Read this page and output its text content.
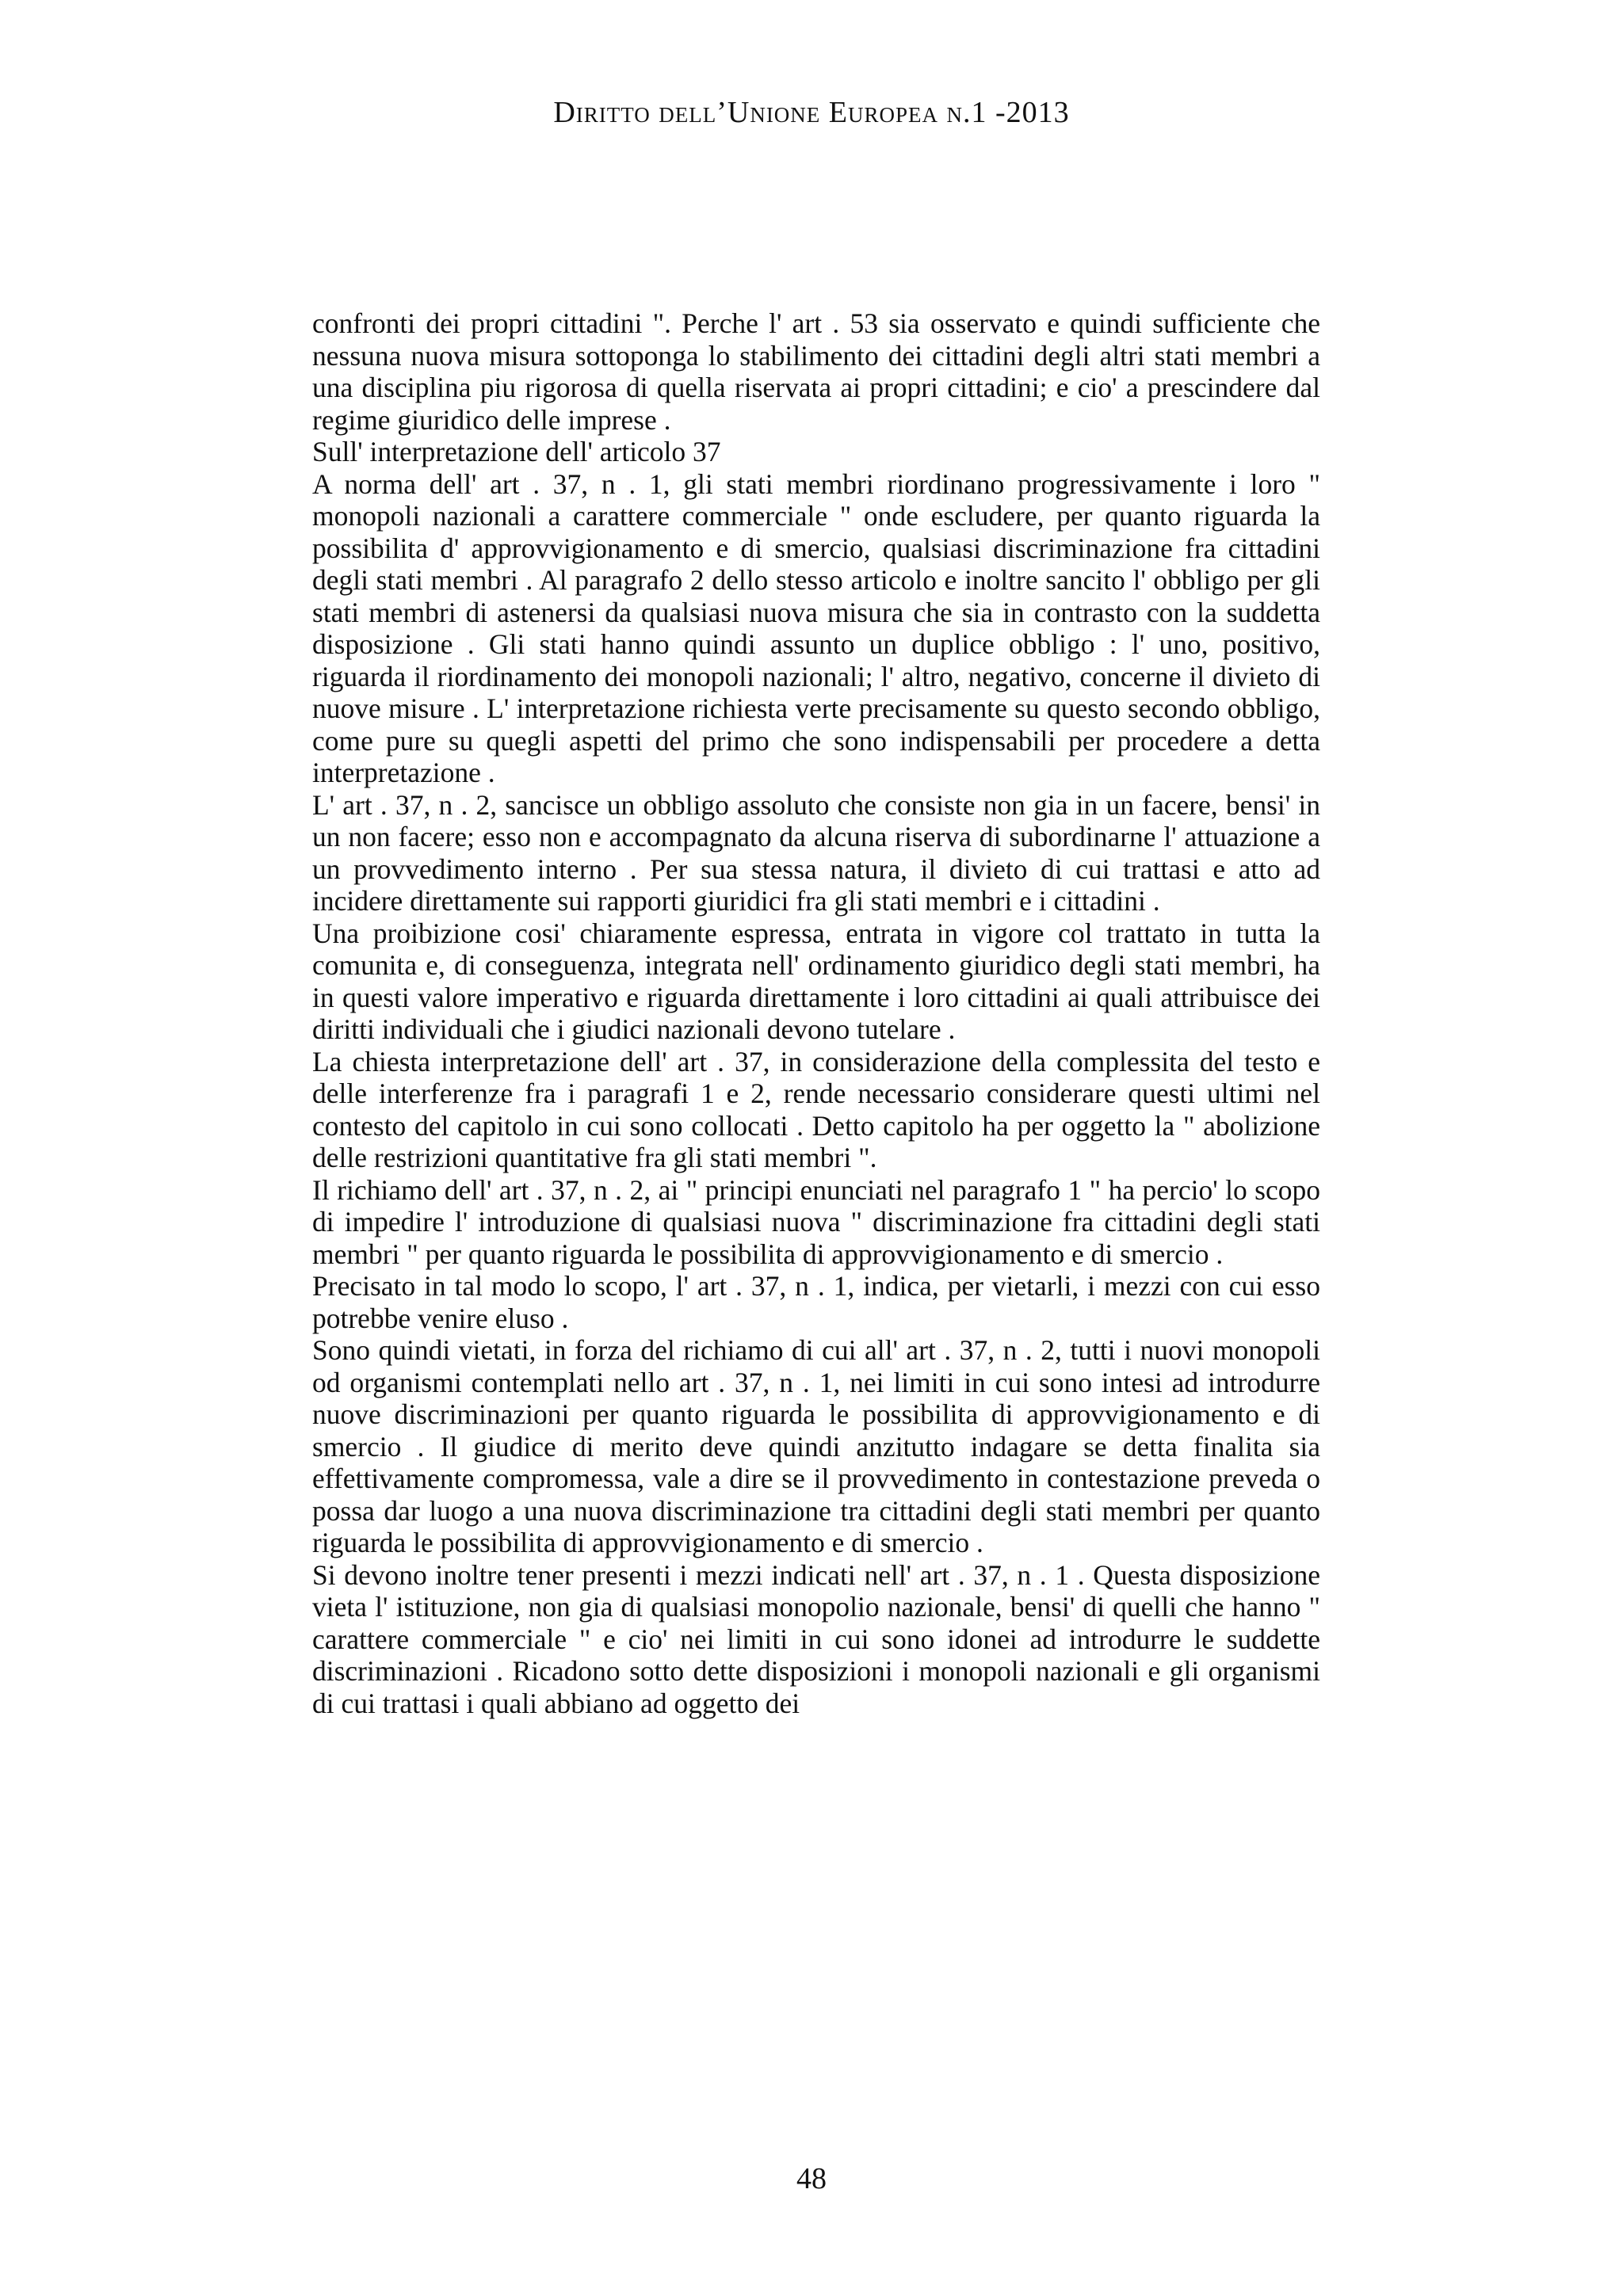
Diritto dell’Unione Europea n.1 -2013

confronti dei propri cittadini ". Perche l' art . 53 sia osservato e quindi sufficiente che nessuna nuova misura sottoponga lo stabilimento dei cittadini degli altri stati membri a una disciplina piu rigorosa di quella riservata ai propri cittadini; e cio' a prescindere dal regime giuridico delle imprese .

Sull' interpretazione dell' articolo 37

A norma dell' art . 37, n . 1, gli stati membri riordinano progressivamente i loro " monopoli nazionali a carattere commerciale " onde escludere, per quanto riguarda la possibilita d' approvvigionamento e di smercio, qualsiasi discriminazione fra cittadini degli stati membri . Al paragrafo 2 dello stesso articolo e inoltre sancito l' obbligo per gli stati membri di astenersi da qualsiasi nuova misura che sia in contrasto con la suddetta disposizione . Gli stati hanno quindi assunto un duplice obbligo : l' uno, positivo, riguarda il riordinamento dei monopoli nazionali; l' altro, negativo, concerne il divieto di nuove misure . L' interpretazione richiesta verte precisamente su questo secondo obbligo, come pure su quegli aspetti del primo che sono indispensabili per procedere a detta interpretazione .

L' art . 37, n . 2, sancisce un obbligo assoluto che consiste non gia in un facere, bensi' in un non facere; esso non e accompagnato da alcuna riserva di subordinarne l' attuazione a un provvedimento interno . Per sua stessa natura, il divieto di cui trattasi e atto ad incidere direttamente sui rapporti giuridici fra gli stati membri e i cittadini .

Una proibizione cosi' chiaramente espressa, entrata in vigore col trattato in tutta la comunita e, di conseguenza, integrata nell' ordinamento giuridico degli stati membri, ha in questi valore imperativo e riguarda direttamente i loro cittadini ai quali attribuisce dei diritti individuali che i giudici nazionali devono tutelare .

La chiesta interpretazione dell' art . 37, in considerazione della complessita del testo e delle interferenze fra i paragrafi 1 e 2, rende necessario considerare questi ultimi nel contesto del capitolo in cui sono collocati . Detto capitolo ha per oggetto la " abolizione delle restrizioni quantitative fra gli stati membri ".

Il richiamo dell' art . 37, n . 2, ai " principi enunciati nel paragrafo 1 " ha percio' lo scopo di impedire l' introduzione di qualsiasi nuova " discriminazione fra cittadini degli stati membri " per quanto riguarda le possibilita di approvvigionamento e di smercio .

Precisato in tal modo lo scopo, l' art . 37, n . 1, indica, per vietarli, i mezzi con cui esso potrebbe venire eluso .

Sono quindi vietati, in forza del richiamo di cui all' art . 37, n . 2, tutti i nuovi monopoli od organismi contemplati nello art . 37, n . 1, nei limiti in cui sono intesi ad introdurre nuove discriminazioni per quanto riguarda le possibilita di approvvigionamento e di smercio . Il giudice di merito deve quindi anzitutto indagare se detta finalita sia effettivamente compromessa, vale a dire se il provvedimento in contestazione preveda o possa dar luogo a una nuova discriminazione tra cittadini degli stati membri per quanto riguarda le possibilita di approvvigionamento e di smercio .

Si devono inoltre tener presenti i mezzi indicati nell' art . 37, n . 1 . Questa disposizione vieta l' istituzione, non gia di qualsiasi monopolio nazionale, bensi' di quelli che hanno " carattere commerciale " e cio' nei limiti in cui sono idonei ad introdurre le suddette discriminazioni . Ricadono sotto dette disposizioni i monopoli nazionali e gli organismi di cui trattasi i quali abbiano ad oggetto dei

48
